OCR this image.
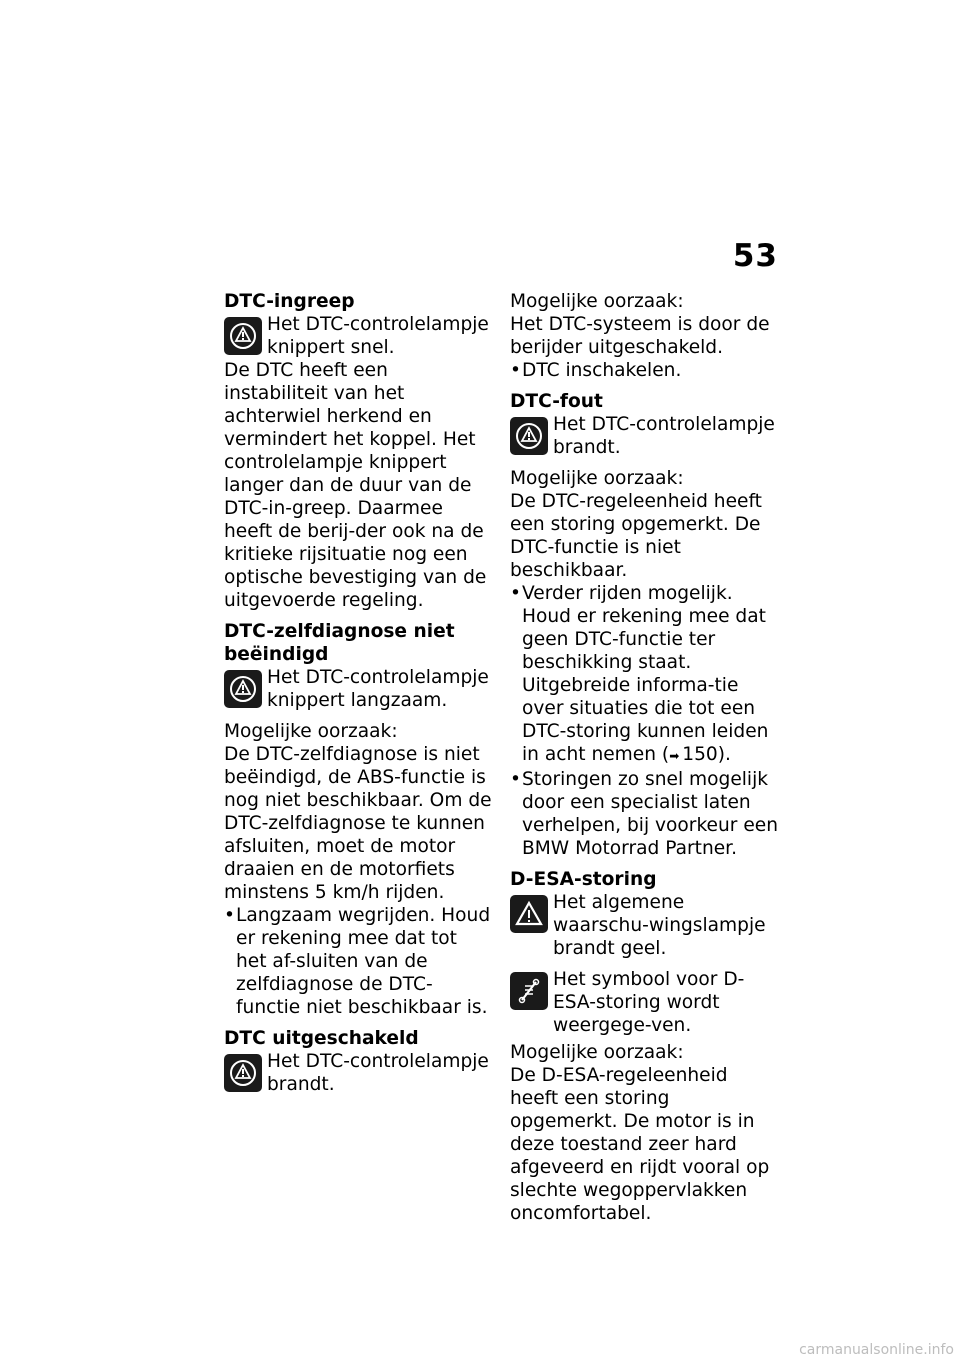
53

DTC-ingreep

Het DTC-controlelampje knippert snel.

De DTC heeft een instabiliteit van het achterwiel herkend en vermindert het koppel. Het controlelampje knippert langer dan de duur van de DTC-in-greep. Daarmee heeft de berij-der ook na de kritieke rijsituatie nog een optische bevestiging van de uitgevoerde regeling.

DTC-zelfdiagnose niet beëindigd

Het DTC-controlelampje knippert langzaam.

Mogelijke oorzaak:

De DTC-zelfdiagnose is niet beëindigd, de ABS-functie is nog niet beschikbaar. Om de DTC-zelfdiagnose te kunnen afsluiten, moet de motor draaien en de motorfiets minstens 5 km/h rijden.

• Langzaam wegrijden. Houd er rekening mee dat tot het af-sluiten van de zelfdiagnose de DTC-functie niet beschikbaar is.

DTC uitgeschakeld

Het DTC-controlelampje brandt.

Mogelijke oorzaak:

Het DTC-systeem is door de berijder uitgeschakeld.

• DTC inschakelen.

DTC-fout

Het DTC-controlelampje brandt.

Mogelijke oorzaak:

De DTC-regeleenheid heeft een storing opgemerkt. De DTC-functie is niet beschikbaar.

• Verder rijden mogelijk. Houd er rekening mee dat geen DTC-functie ter beschikking staat. Uitgebreide informa-tie over situaties die tot een DTC-storing kunnen leiden in acht nemen (➡ 150).
• Storingen zo snel mogelijk door een specialist laten verhelpen, bij voorkeur een BMW Motorrad Partner.

D-ESA-storing

Het algemene waarschu-wingslampje brandt geel.
Het symbool voor D-ESA-storing wordt weergege-ven.

Mogelijke oorzaak:

De D-ESA-regeleenheid heeft een storing opgemerkt. De motor is in deze toestand zeer hard afgeveerd en rijdt vooral op slechte wegoppervlakken oncomfortabel.

carmanualsonline.info
